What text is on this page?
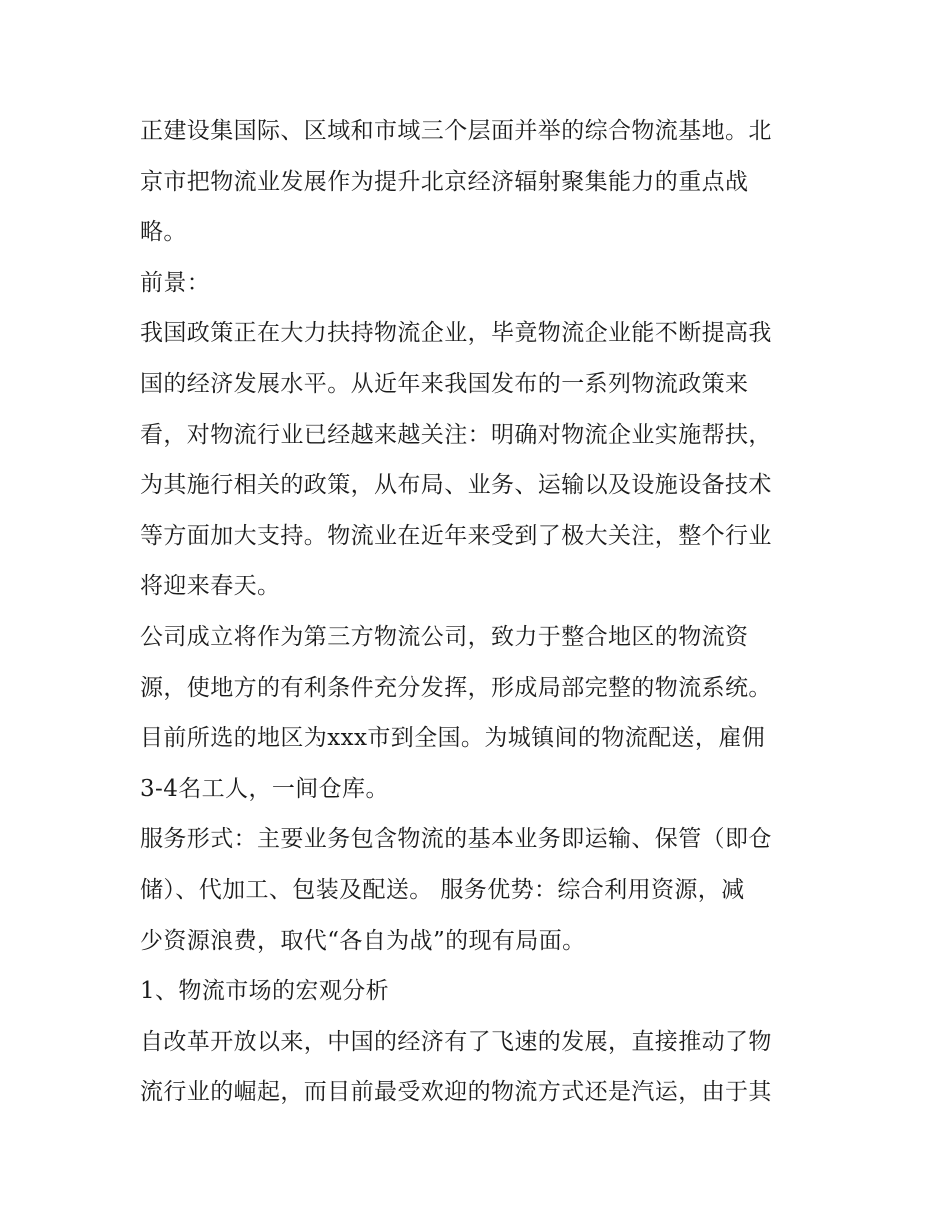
正建设集国际、区域和市域三个层面并举的综合物流基地。北
京市把物流业发展作为提升北京经济辐射聚集能力的重点战
略。
前景：
我国政策正在大力扶持物流企业，毕竟物流企业能不断提高我
国的经济发展水平。从近年来我国发布的一系列物流政策来
看，对物流行业已经越来越关注：明确对物流企业实施帮扶，
为其施行相关的政策，从布局、业务、运输以及设施设备技术
等方面加大支持。物流业在近年来受到了极大关注，整个行业
将迎来春天。
公司成立将作为第三方物流公司，致力于整合地区的物流资
源，使地方的有利条件充分发挥，形成局部完整的物流系统。
目前所选的地区为xxx市到全国。为城镇间的物流配送，雇佣
3-4名工人，一间仓库。
服务形式：主要业务包含物流的基本业务即运输、保管（即仓
储）、代加工、包装及配送。 服务优势：综合利用资源，减
少资源浪费，取代“各自为战”的现有局面。
1、物流市场的宏观分析
自改革开放以来，中国的经济有了飞速的发展，直接推动了物
流行业的崛起，而目前最受欢迎的物流方式还是汽运，由于其
